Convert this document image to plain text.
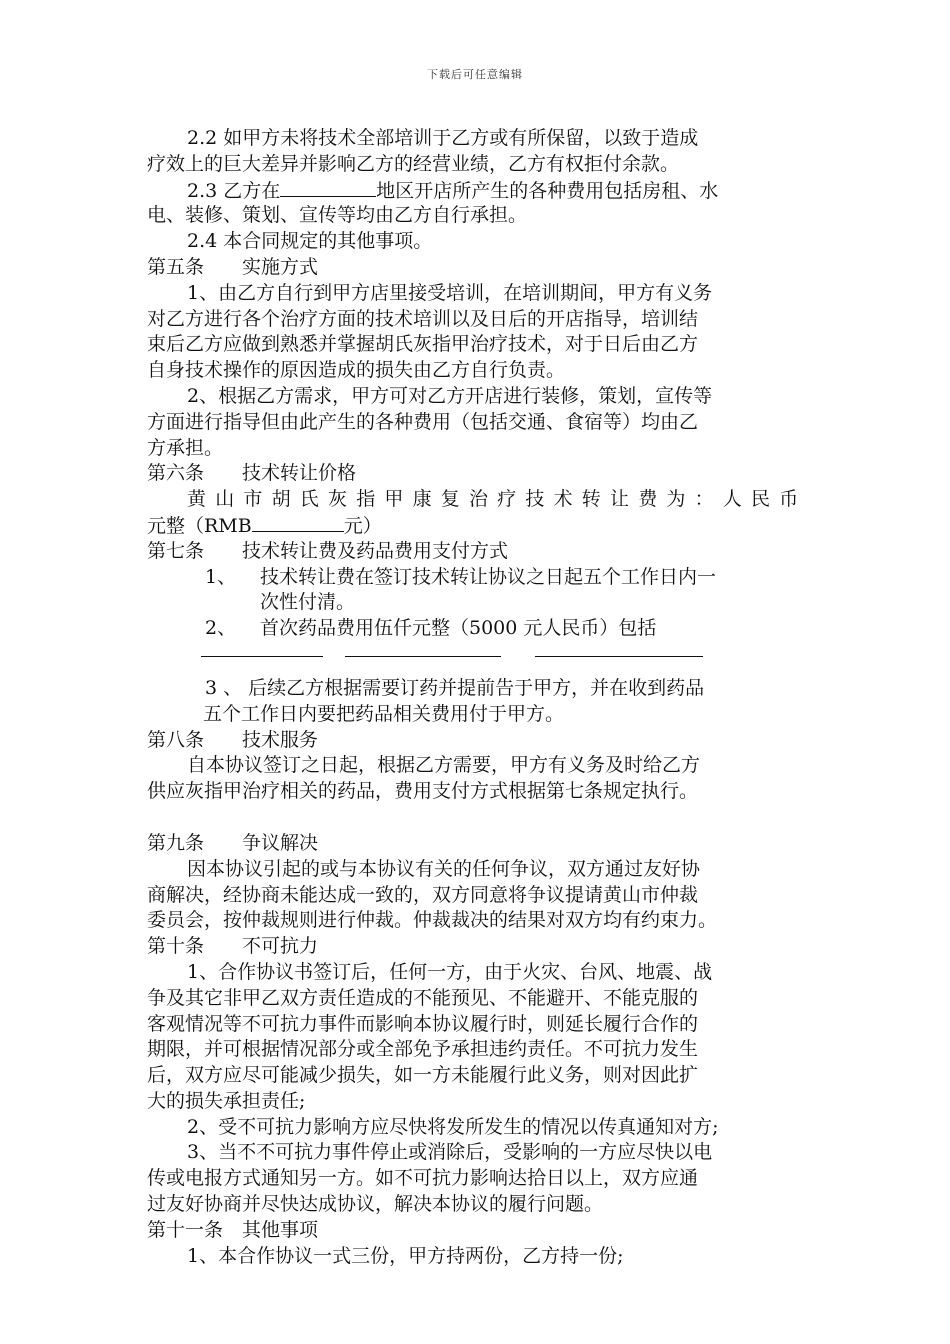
下载后可任意编辑
2.2 如甲方未将技术全部培训于乙方或有所保留，以致于造成
疗效上的巨大差异并影响乙方的经营业绩，乙方有权拒付余款。
2.3 乙方在	地区开店所产生的各种费用包括房租、水
电、装修、策划、宣传等均由乙方自行承担。
2.4 本合同规定的其他事项。
第五条 实施方式
1、由乙方自行到甲方店里接受培训，在培训期间，甲方有义务
对乙方进行各个治疗方面的技术培训以及日后的开店指导，培训结
束后乙方应做到熟悉并掌握胡氏灰指甲治疗技术，对于日后由乙方
自身技术操作的原因造成的损失由乙方自行负责。
2、根据乙方需求，甲方可对乙方开店进行装修，策划，宣传等
方面进行指导但由此产生的各种费用（包括交通、食宿等）均由乙
方承担。
第六条 技术转让价格
黄山市胡氏灰指甲康复治疗技术转让费为：人民币
元整（RMB	元）
第七条 技术转让费及药品费用支付方式
1、 技术转让费在签订技术转让协议之日起五个工作日内一
次性付清。
2、 首次药品费用伍仟元整（5000 元人民币）包括
3 、 后续乙方根据需要订药并提前告于甲方，并在收到药品
五个工作日内要把药品相关费用付于甲方。
第八条 技术服务
自本协议签订之日起，根据乙方需要，甲方有义务及时给乙方
供应灰指甲治疗相关的药品，费用支付方式根据第七条规定执行。
第九条 争议解决
因本协议引起的或与本协议有关的任何争议，双方通过友好协
商解决，经协商未能达成一致的，双方同意将争议提请黄山市仲裁
委员会，按仲裁规则进行仲裁。仲裁裁决的结果对双方均有约束力。
第十条 不可抗力
1、合作协议书签订后，任何一方，由于火灾、台风、地震、战
争及其它非甲乙双方责任造成的不能预见、不能避开、不能克服的
客观情况等不可抗力事件而影响本协议履行时，则延长履行合作的
期限，并可根据情况部分或全部免予承担违约责任。不可抗力发生
后，双方应尽可能减少损失，如一方未能履行此义务，则对因此扩
大的损失承担责任;
2、受不可抗力影响方应尽快将发所发生的情况以传真通知对方;
3、当不不可抗力事件停止或消除后，受影响的一方应尽快以电
传或电报方式通知另一方。如不可抗力影响达拾日以上，双方应通
过友好协商并尽快达成协议，解决本协议的履行问题。
第十一条 其他事项
1、本合作协议一式三份，甲方持两份，乙方持一份;
